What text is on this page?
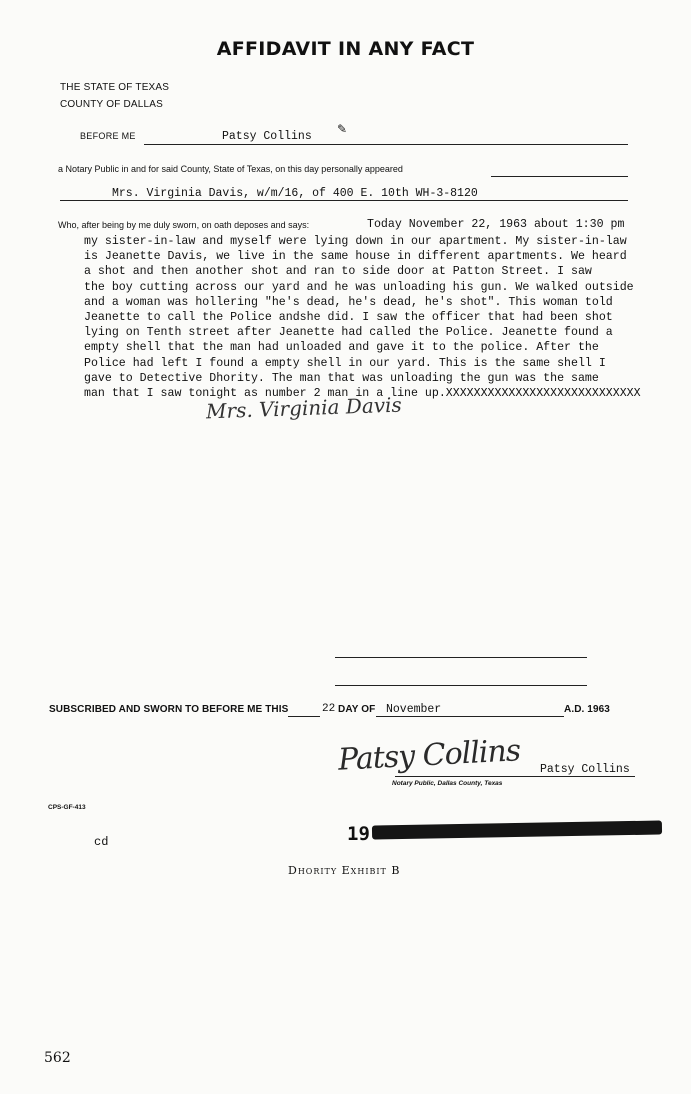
AFFIDAVIT IN ANY FACT
THE STATE OF TEXAS
COUNTY OF DALLAS
BEFORE ME	Patsy Collins
✎
a Notary Public in and for said County, State of Texas, on this day personally appeared
Mrs. Virginia Davis, w/m/16, of 400 E. 10th WH-3-8120
Who, after being by me duly sworn, on oath deposes and says:	Today November 22, 1963 about 1:30 pm
my sister-in-law and myself were lying down in our apartment. My sister-in-law
is Jeanette Davis, we live in the same house in different apartments. We heard
a shot and then another shot and ran to side door at Patton Street. I saw
the boy cutting across our yard and he was unloading his gun. We walked outside
and a woman was hollering "he's dead, he's dead, he's shot". This woman told
Jeanette to call the Police andshe did. I saw the officer that had been shot
lying on Tenth street after Jeanette had called the Police. Jeanette found a
empty shell that the man had unloaded and gave it to the police. After the
Police had left I found a empty shell in our yard. This is the same shell I
gave to Detective Dhority. The man that was unloading the gun was the same
man that I saw tonight as number 2 man in a line up.XXXXXXXXXXXXXXXXXXXXXXXXXXXX
Mrs. Virginia Davis
SUBSCRIBED AND SWORN TO BEFORE ME THIS	22 DAY OF November	A.D. 1963
Patsy Collins Patsy Collins
Notary Public, Dallas County, Texas
CPS-GF-413
cd	19
Dhority Exhibit B
562
